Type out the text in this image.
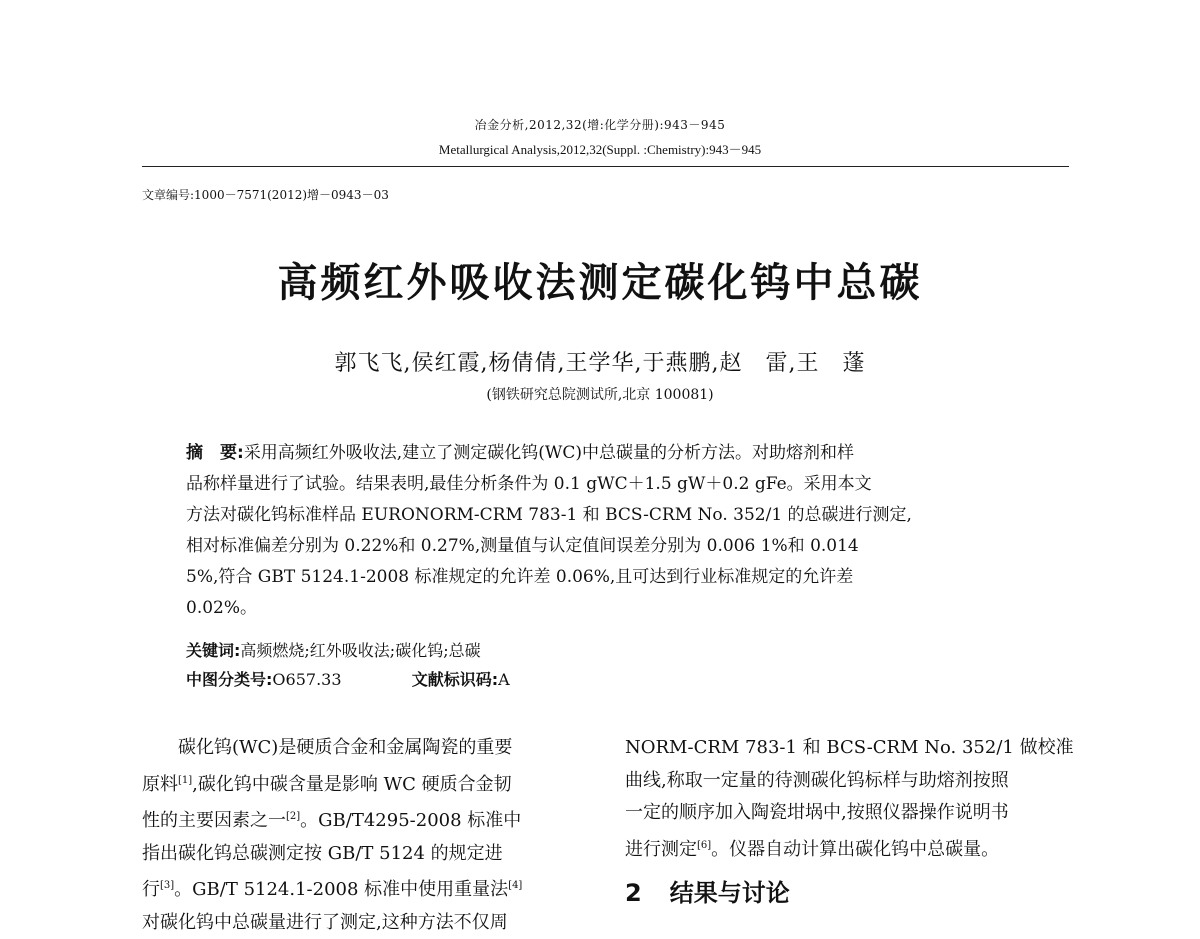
冶金分析,2012,32(增:化学分册):943－945
Metallurgical Analysis,2012,32(Suppl. :Chemistry):943－945
文章编号:1000－7571(2012)增－0943－03
高频红外吸收法测定碳化钨中总碳
郭飞飞,侯红霞,杨倩倩,王学华,于燕鹏,赵　雷,王　蓬
(钢铁研究总院测试所,北京 100081)
摘　要:采用高频红外吸收法,建立了测定碳化钨(WC)中总碳量的分析方法。对助熔剂和样
品称样量进行了试验。结果表明,最佳分析条件为 0.1 gWC＋1.5 gW＋0.2 gFe。采用本文
方法对碳化钨标准样品 EURONORM-CRM 783-1 和 BCS-CRM No. 352/1 的总碳进行测定,
相对标准偏差分别为 0.22%和 0.27%,测量值与认定值间误差分别为 0.006 1%和 0.014
5%,符合 GBT 5124.1-2008 标准规定的允许差 0.06%,且可达到行业标准规定的允许差
0.02%。
关键词:高频燃烧;红外吸收法;碳化钨;总碳
中图分类号:O657.33	文献标识码:A
　　碳化钨(WC)是硬质合金和金属陶瓷的重要
原料[1],碳化钨中碳含量是影响 WC 硬质合金韧
性的主要因素之一[2]。GB/T4295-2008 标准中
指出碳化钨总碳测定按 GB/T 5124 的规定进
行[3]。GB/T 5124.1-2008 标准中使用重量法[4]
对碳化钨中总碳量进行了测定,这种方法不仅周
NORM-CRM 783-1 和 BCS-CRM No. 352/1 做校准
曲线,称取一定量的待测碳化钨标样与助熔剂按照
一定的顺序加入陶瓷坩埚中,按照仪器操作说明书
进行测定[6]。仪器自动计算出碳化钨中总碳量。
2 结果与讨论
